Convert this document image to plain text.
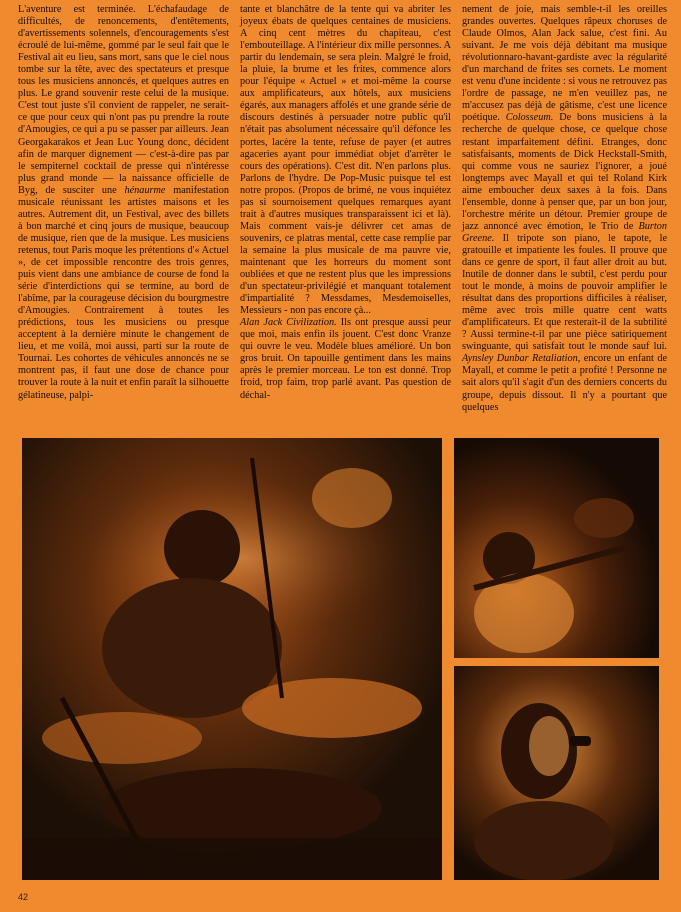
L'aventure est terminée. L'échafaudage de difficultés, de renoncements, d'entêtements, d'avertissements solennels, d'encouragements s'est écroulé de lui-même, gommé par le seul fait que le Festival ait eu lieu, sans mort, sans que le ciel nous tombe sur la tête, avec des spectateurs et presque tous les musiciens annoncés, et quelques autres en plus. Le grand souvenir reste celui de la musique. C'est tout juste s'il convient de rappeler, ne serait-ce que pour ceux qui n'ont pas pu prendre la route d'Amougies, ce qui a pu se passer par ailleurs. Jean Georgakarakos et Jean Luc Young donc, décident afin de marquer dignement — c'est-à-dire pas par le sempiternel cocktail de presse qui n'intéresse plus grand monde — la naissance officielle de Byg, de susciter une hénaurme manifestation musicale réunissant les artistes maisons et les autres. Autrement dit, un Festival, avec des billets à bon marché et cinq jours de musique, beaucoup de musique, rien que de la musique. Les musiciens retenus, tout Paris moque les prétentions d'« Actuel », de cet impossible rencontre des trois genres, puis vient dans une ambiance de course de fond la série d'interdictions qui se termine, au bord de l'abîme, par la courageuse décision du bourgmestre d'Amougies. Contrairement à toutes les prédictions, tous les musiciens ou presque acceptent à la dernière minute le changement de lieu, et me voilà, moi aussi, parti sur la route de Tournai. Les cohortes de véhicules annoncés ne se montrent pas, il faut une dose de chance pour trouver la route à la nuit et enfin paraît la silhouette gélatineuse, palpi-

tante et blanchâtre de la tente qui va abriter les joyeux ébats de quelques centaines de musiciens. A cinq cent mètres du chapiteau, c'est l'embouteillage. A l'intérieur dix mille personnes. A partir du lendemain, se sera plein. Malgré le froid, la pluie, la brume et les frites, commence alors pour l'équipe « Actuel » et moi-même la course aux amplificateurs, aux hôtels, aux musiciens égarés, aux managers affolés et une grande série de discours destinés à persuader notre public qu'il n'était pas absolument nécessaire qu'il défonce les portes, lacère la tente, refuse de payer (et autres agaceries ayant pour immédiat objet d'arrêter le cours des opérations). C'est dit. N'en parlons plus. Parlons de l'hydre. De Pop-Music puisque tel est notre propos. (Propos de brimé, ne vous inquiétez pas si sournoisement quelques remarques ayant trait à d'autres musiques transparaissent ici et là). Mais comment vais-je délivrer cet amas de souvenirs, ce platras mental, cette case remplie par la semaine la plus musicale de ma pauvre vie, maintenant que les horreurs du moment sont oubliées et que ne restent plus que les impressions d'un spectateur-privilégié et manquant totalement d'impartialité ? Messdames, Mesdemoiselles, Messieurs - non pas encore çà...
Alan Jack Civilization. Ils ont presque aussi peur que moi, mais enfin ils jouent. C'est donc Vranze qui ouvre le veu. Modèle blues amélioré. Un bon gros bruit. On tapouille gentiment dans les mains après le premier morceau. Le ton est donné. Trop froid, trop faim, trop parlé avant. Pas question de déchal-

nement de joie, mais semble-t-il les oreilles grandes ouvertes. Quelques râpeux choruses de Claude Olmos, Alan Jack salue, c'est fini. Au suivant. Je me vois déjà débitant ma musique révolutionnaro-havant-gardiste avec la régularité d'un marchand de frites ses cornets. Le moment est venu d'une incidente : si vous ne retrouvez pas l'ordre de passage, ne m'en veuillez pas, ne m'accusez pas déjà de gâtisme, c'est une licence poétique. Colosseum. De bons musiciens à la recherche de quelque chose, ce quelque chose restant imparfaitement défini. Etranges, donc satisfaisants, moments de Dick Heckstall-Smith, qui comme vous ne sauriez l'ignorer, a joué longtemps avec Mayall et qui tel Roland Kirk aime emboucher deux saxes à la fois. Dans l'ensemble, donne à penser que, par un bon jour, l'orchestre mérite un détour. Premier groupe de jazz annoncé avec émotion, le Trio de Burton Greene. Il tripote son piano, le tapote, le gratouille et impatiente les foules. Il prouve que dans ce genre de sport, il faut aller droit au but. Inutile de donner dans le subtil, c'est perdu pour tout le monde, à moins de pouvoir amplifier le résultat dans des proportions difficiles à réaliser, même avec trois mille quatre cent watts d'amplificateurs. Et que resterait-il de la subtilité ? Aussi termine-t-il par une pièce satiriquement swinguante, qui satisfait tout le monde sauf lui. Aynsley Dunbar Retaliation, encore un enfant de Mayall, et comme le petit a profité ! Personne ne sait alors qu'il s'agit d'un des derniers concerts du groupe, depuis dissout. Il n'y a pourtant que quelques

42
